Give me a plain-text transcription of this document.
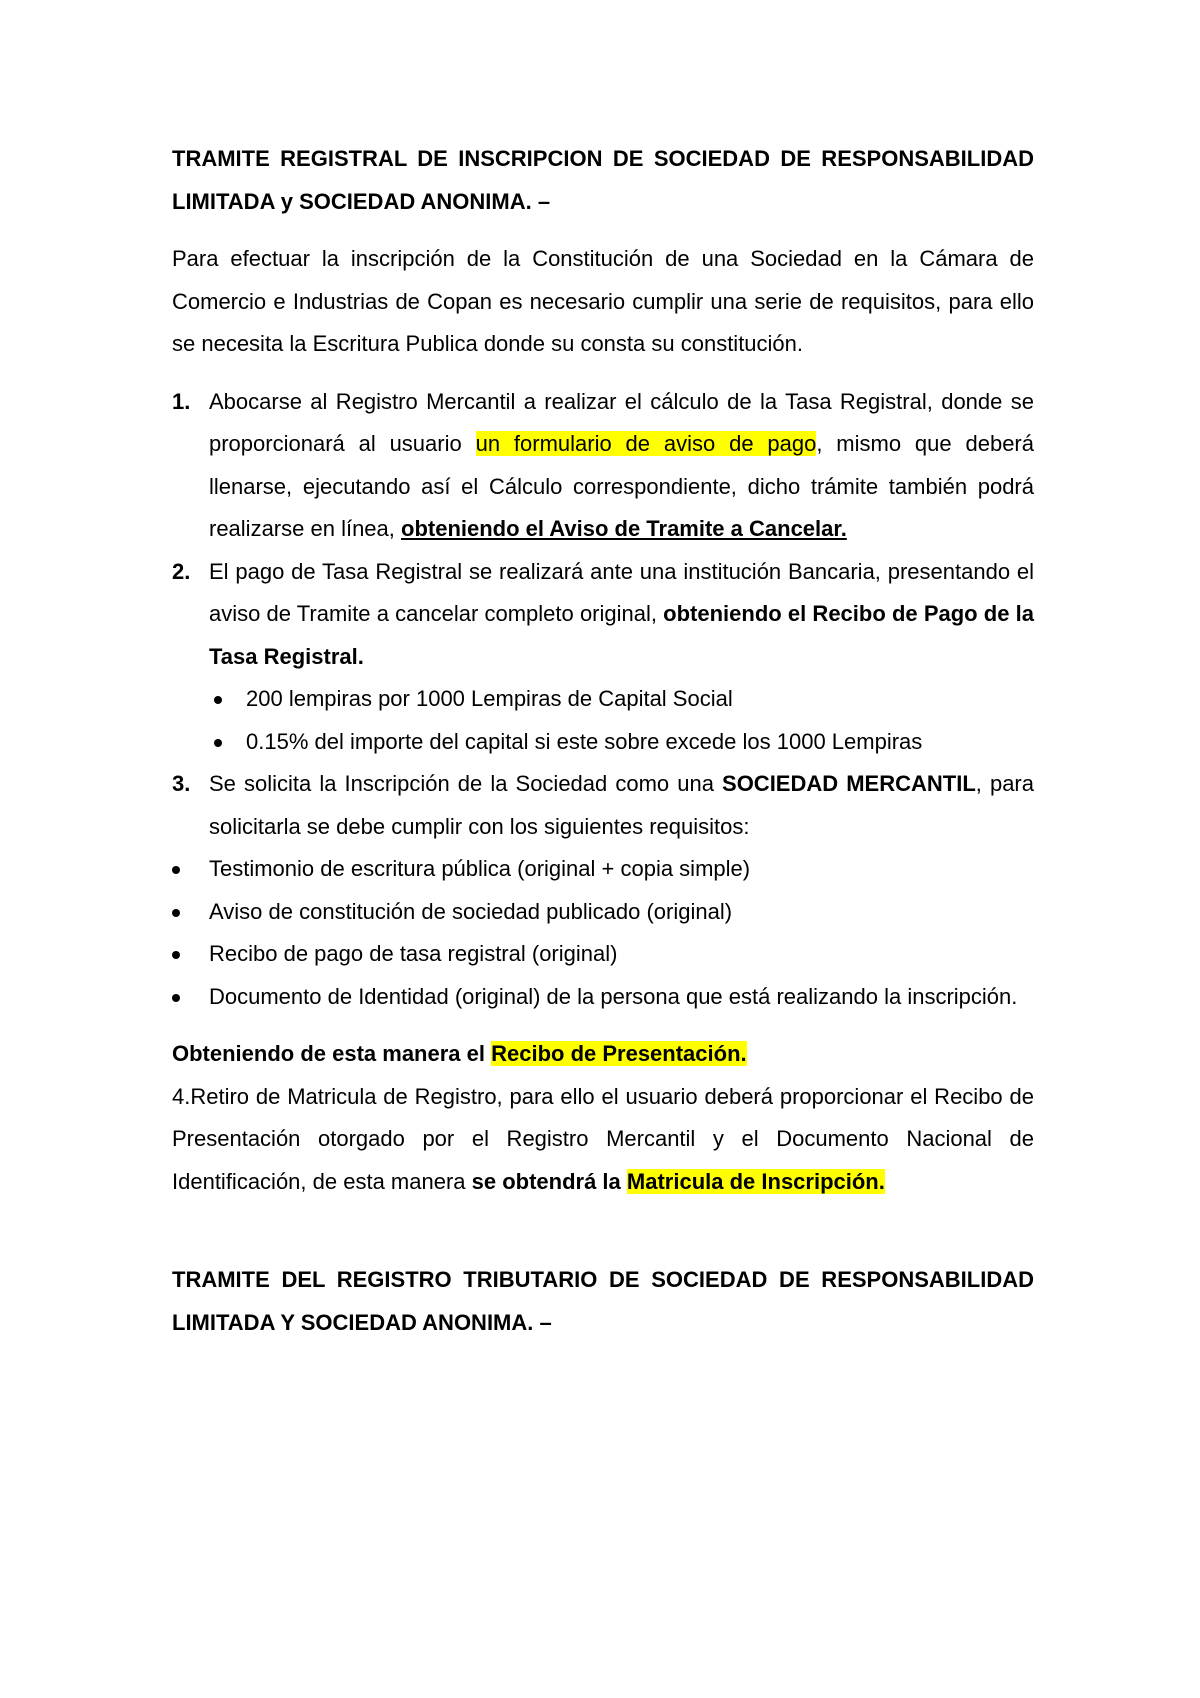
TRAMITE REGISTRAL DE INSCRIPCION DE SOCIEDAD DE RESPONSABILIDAD LIMITADA y SOCIEDAD ANONIMA. –

Para efectuar la inscripción de la Constitución de una Sociedad en la Cámara de Comercio e Industrias de Copan es necesario cumplir una serie de requisitos, para ello se necesita la Escritura Publica donde su consta su constitución.

1. Abocarse al Registro Mercantil a realizar el cálculo de la Tasa Registral, donde se proporcionará al usuario un formulario de aviso de pago, mismo que deberá llenarse, ejecutando así el Cálculo correspondiente, dicho trámite también podrá realizarse en línea, obteniendo el Aviso de Tramite a Cancelar.
2. El pago de Tasa Registral se realizará ante una institución Bancaria, presentando el aviso de Tramite a cancelar completo original, obteniendo el Recibo de Pago de la Tasa Registral.
200 lempiras por 1000 Lempiras de Capital Social
0.15% del importe del capital si este sobre excede los 1000 Lempiras
3. Se solicita la Inscripción de la Sociedad como una SOCIEDAD MERCANTIL, para solicitarla se debe cumplir con los siguientes requisitos:
Testimonio de escritura pública (original + copia simple)
Aviso de constitución de sociedad publicado (original)
Recibo de pago de tasa registral (original)
Documento de Identidad (original) de la persona que está realizando la inscripción.

Obteniendo de esta manera el Recibo de Presentación.

4.Retiro de Matricula de Registro, para ello el usuario deberá proporcionar el Recibo de Presentación otorgado por el Registro Mercantil y el Documento Nacional de Identificación, de esta manera se obtendrá la Matricula de Inscripción.

TRAMITE DEL REGISTRO TRIBUTARIO DE SOCIEDAD DE RESPONSABILIDAD LIMITADA Y SOCIEDAD ANONIMA. –
